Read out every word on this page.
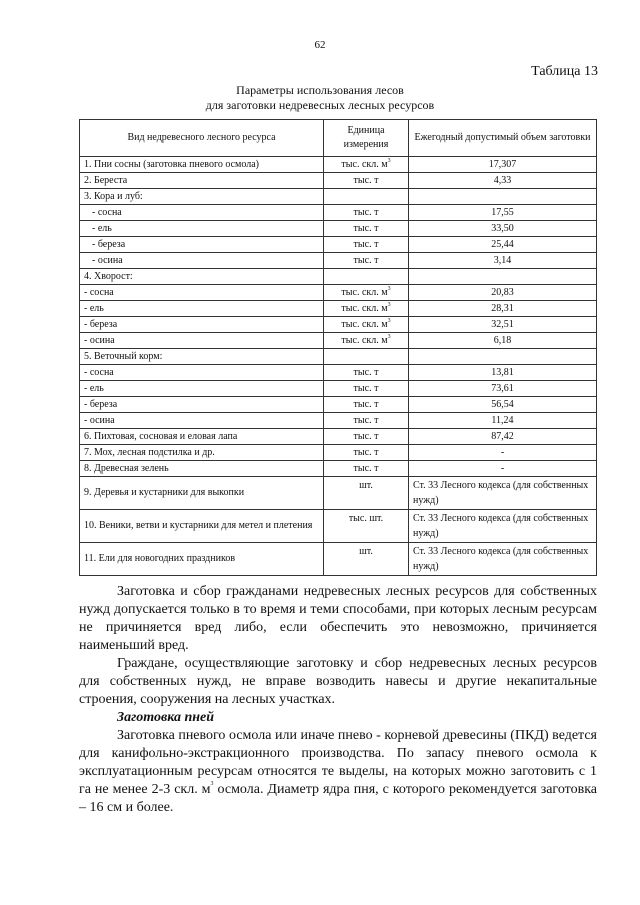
62
Таблица 13
Параметры использования лесов
для заготовки недревесных лесных ресурсов
Вид недревесного лесного ресурса	Единица измерения	Ежегодный допустимый объем заготовки
1. Пни сосны (заготовка пневого осмола)	тыс. скл. $м^3$	17,307
2. Береста	тыс. т	4,33
3. Кора и луб:		
- сосна	тыс. т	17,55
- ель	тыс. т	33,50
- береза	тыс. т	25,44
- осина	тыс. т	3,14
4. Хворост:		
- сосна	тыс. скл. $м^3$	20,83
- ель	тыс. скл. $м^3$	28,31
- береза	тыс. скл. $м^3$	32,51
- осина	тыс. скл. $м^3$	6,18
5. Веточный корм:		
- сосна	тыс. т	13,81
- ель	тыс. т	73,61
- береза	тыс. т	56,54
- осина	тыс. т	11,24
6. Пихтовая, сосновая и еловая лапа	тыс. т	87,42
7. Мох, лесная подстилка и др.	тыс. т	-
8. Древесная зелень	тыс. т	-
9. Деревья и кустарники для выкопки	шт.	Ст. 33 Лесного кодекса (для собственных нужд)
10. Веники, ветви и кустарники для метел и плетения	тыс. шт.	Ст. 33 Лесного кодекса (для собственных нужд)
11. Ели для новогодних праздников	шт.	Ст. 33 Лесного кодекса (для собственных нужд)

Заготовка и сбор гражданами недревесных лесных ресурсов для собственных нужд допускается только в то время и теми способами, при которых лесным ресурсам не причиняется вред либо, если обеспечить это невозможно, причиняется наименьший вред.

Граждане, осуществляющие заготовку и сбор недревесных лесных ресурсов для собственных нужд, не вправе возводить навесы и другие некапитальные строения, сооружения на лесных участках.

Заготовка пней

Заготовка пневого осмола или иначе пнево - корневой древесины (ПКД) ведется для канифольно-экстракционного производства. По запасу пневого осмола к эксплуатационным ресурсам относятся те выделы, на которых можно заготовить с 1 га не менее 2-3 скл. $м^3$ осмола. Диаметр ядра пня, с которого рекомендуется заготовка – 16 см и более.
